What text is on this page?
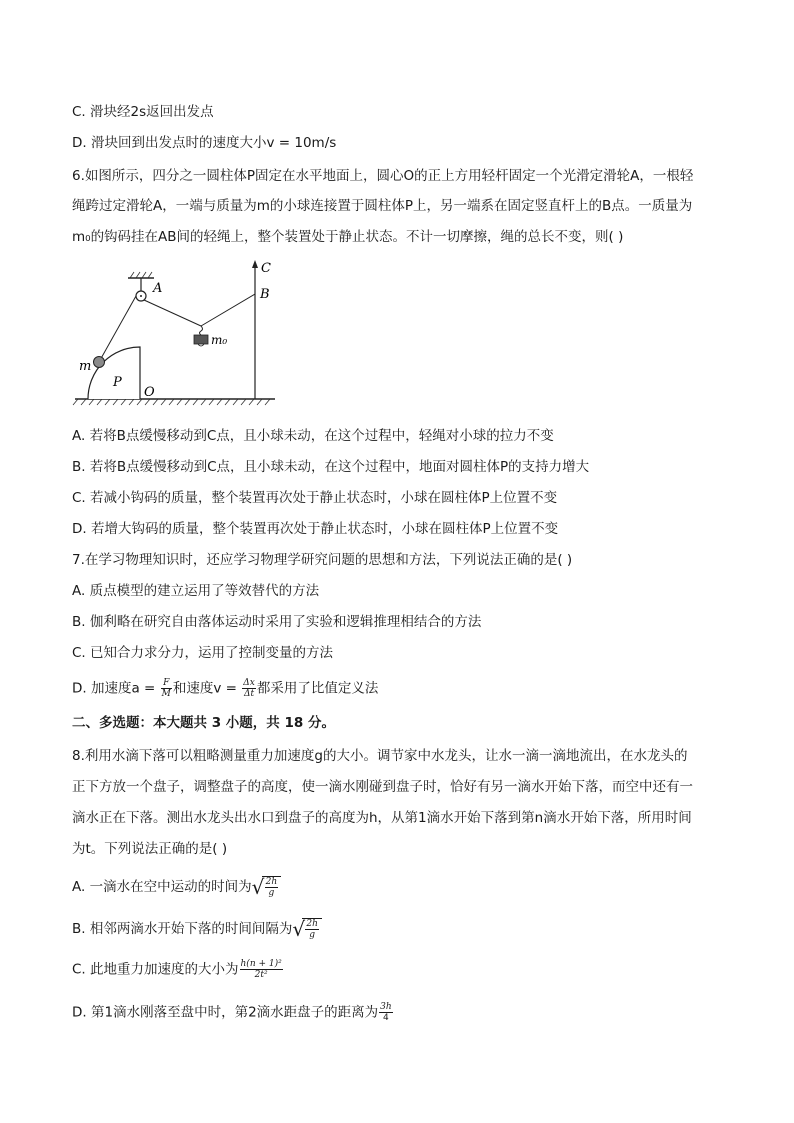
C. 滑块经2s返回出发点
D. 滑块回到出发点时的速度大小v = 10m/s
6.如图所示，四分之一圆柱体P固定在水平地面上，圆心O的正上方用轻杆固定一个光滑定滑轮A，一根轻
绳跨过定滑轮A，一端与质量为m的小球连接置于圆柱体P上，另一端系在固定竖直杆上的B点。一质量为
m₀的钩码挂在AB间的轻绳上，整个装置处于静止状态。不计一切摩擦，绳的总长不变，则( )
C
B
A
m₀
m
P
O
A. 若将B点缓慢移动到C点，且小球未动，在这个过程中，轻绳对小球的拉力不变
B. 若将B点缓慢移动到C点，且小球未动，在这个过程中，地面对圆柱体P的支持力增大
C. 若减小钩码的质量，整个装置再次处于静止状态时，小球在圆柱体P上位置不变
D. 若增大钩码的质量，整个装置再次处于静止状态时，小球在圆柱体P上位置不变
7.在学习物理知识时，还应学习物理学研究问题的思想和方法，下列说法正确的是( )
A. 质点模型的建立运用了等效替代的方法
B. 伽利略在研究自由落体运动时采用了实验和逻辑推理相结合的方法
C. 已知合力求分力，运用了控制变量的方法
D. 加速度$a = \frac{F}{M}$ 和速度$v = \frac{\Delta x}{\Delta t}$ 都采用了比值定义法
二、多选题：本大题共 3 小题，共 18 分。
8.利用水滴下落可以粗略测量重力加速度g的大小。调节家中水龙头，让水一滴一滴地流出，在水龙头的
正下方放一个盘子，调整盘子的高度，使一滴水刚碰到盘子时，恰好有另一滴水开始下落，而空中还有一
滴水正在下落。测出水龙头出水口到盘子的高度为h，从第1滴水开始下落到第n滴水开始下落，所用时间
为t。下列说法正确的是( )
A. 一滴水在空中运动的时间为 √ $\frac{2h}{g}$
B. 相邻两滴水开始下落的时间间隔为 √ $\frac{2h}{g}$
C. 此地重力加速度的大小为 $\frac{\text{h(n + 1)²}}{\text{2t²}}$
D. 第1滴水刚落至盘中时，第2滴水距盘子的距离为 $\frac{3h}{4}$
